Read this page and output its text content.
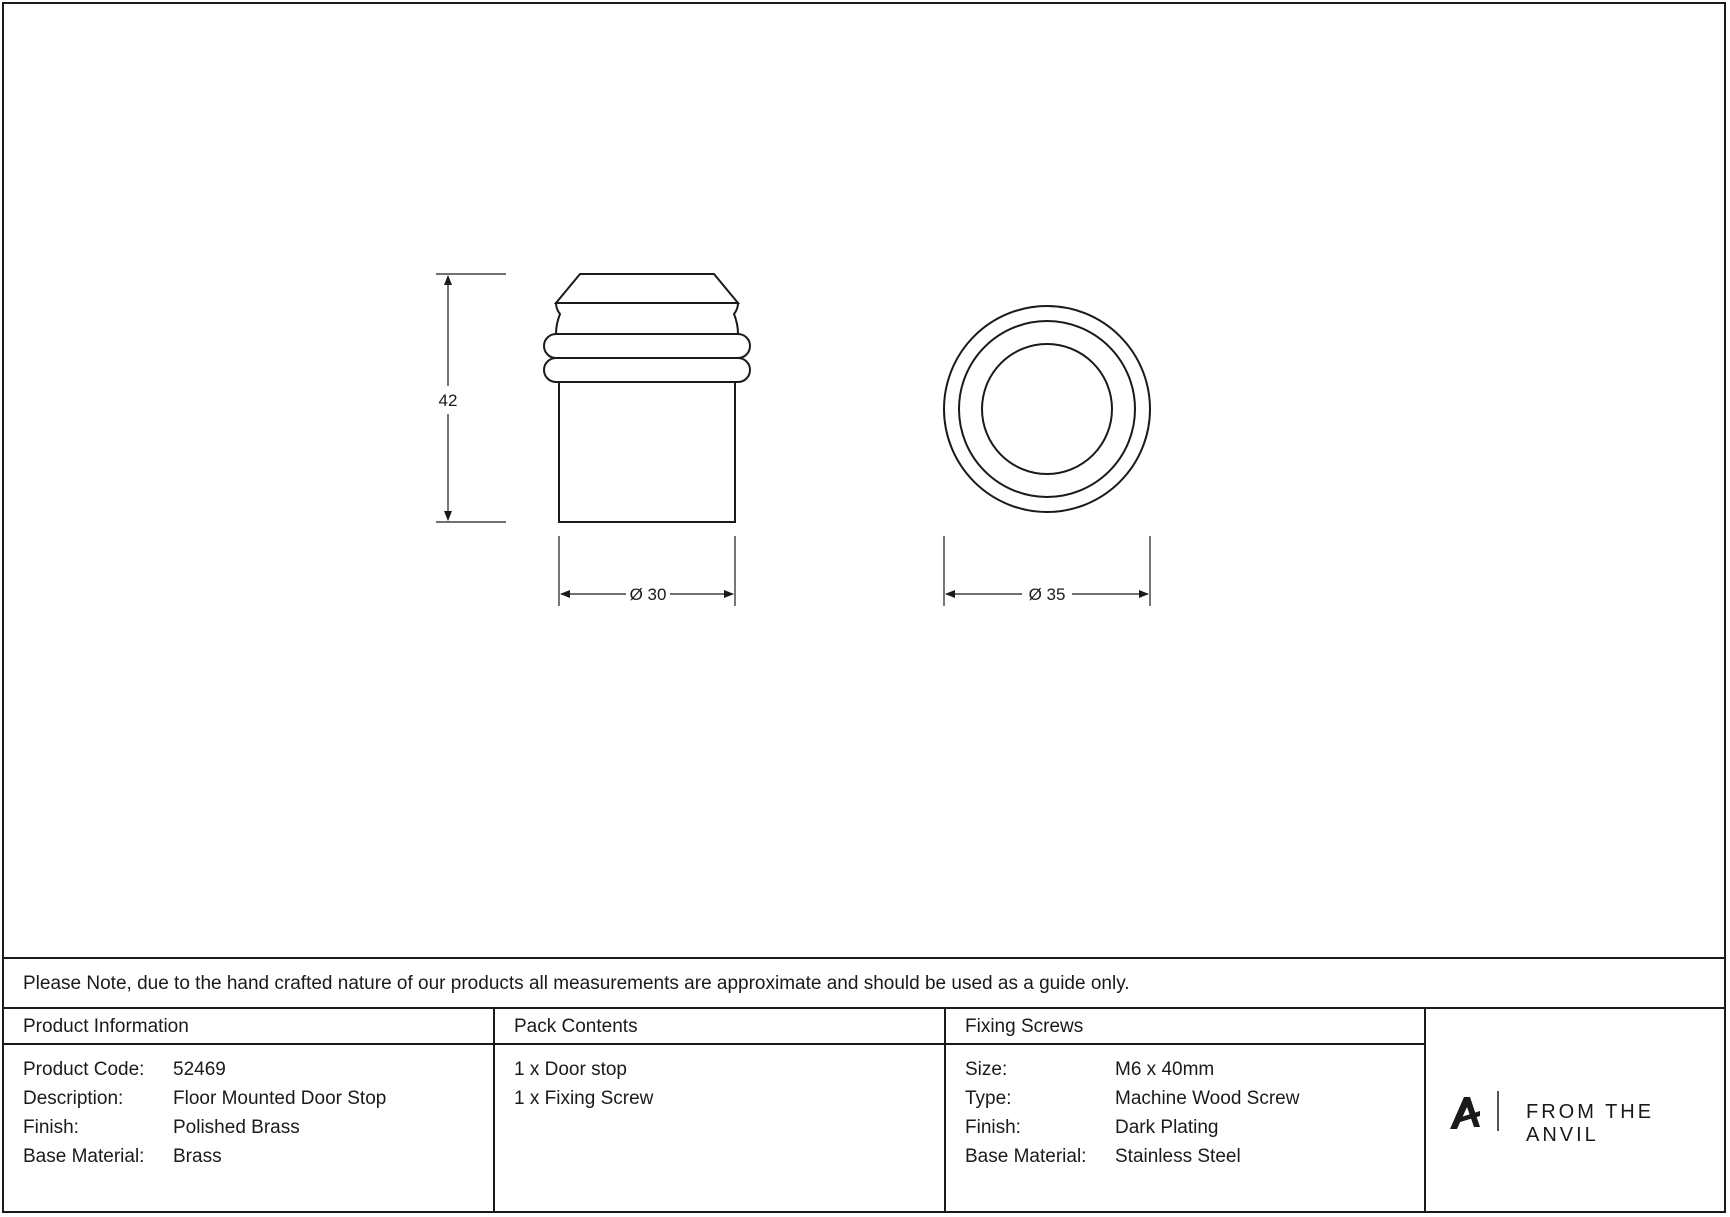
42
Ø 30	Ø 35
Please Note, due to the hand crafted nature of our products all measurements are approximate and should be used as a guide only.
Product Information
Product Code: 52469
Description:	Floor Mounted Door Stop
Finish:	Polished Brass
Base Material: Brass
Pack Contents
1 x Door stop
1 x Fixing Screw
Fixing Screws
Size:	M6 x 40mm
Type:	Machine Wood Screw
Finish:	Dark Plating
Base Material: Stainless Steel
FROM THE ANVIL
